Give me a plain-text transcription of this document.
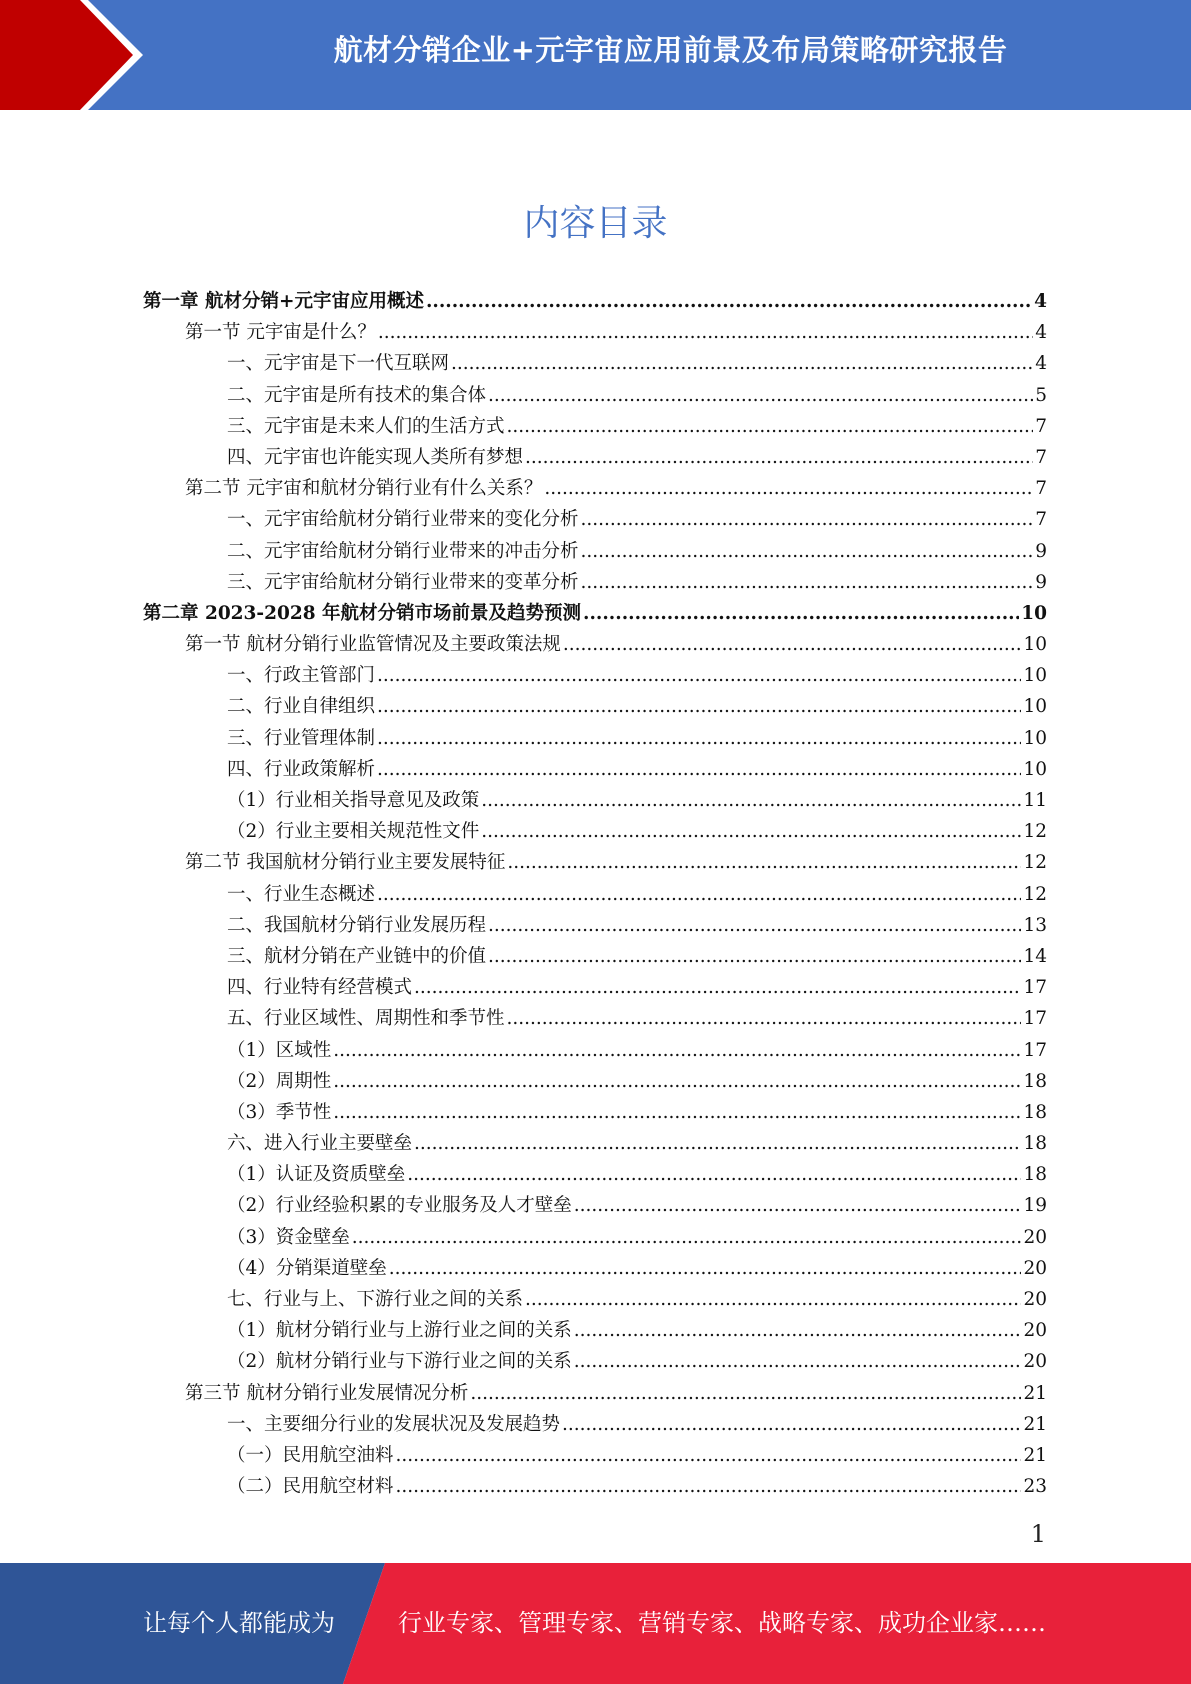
航材分销企业+元宇宙应用前景及布局策略研究报告
内容目录
第一章 航材分销+元宇宙应用概述 .....	4
第一节 元宇宙是什么？ .....	4
一、元宇宙是下一代互联网 .....	4
二、元宇宙是所有技术的集合体 .....	5
三、元宇宙是未来人们的生活方式 .....	7
四、元宇宙也许能实现人类所有梦想 .....	7
第二节 元宇宙和航材分销行业有什么关系？ .....	7
一、元宇宙给航材分销行业带来的变化分析 .....	7
二、元宇宙给航材分销行业带来的冲击分析 .....	9
三、元宇宙给航材分销行业带来的变革分析 .....	9
第二章 2023-2028 年航材分销市场前景及趋势预测 .....	10
第一节 航材分销行业监管情况及主要政策法规 .....	10
一、行政主管部门 .....	10
二、行业自律组织 .....	10
三、行业管理体制 .....	10
四、行业政策解析 .....	10
（1）行业相关指导意见及政策 .....	11
（2）行业主要相关规范性文件 .....	12
第二节 我国航材分销行业主要发展特征 .....	12
一、行业生态概述 .....	12
二、我国航材分销行业发展历程 .....	13
三、航材分销在产业链中的价值 .....	14
四、行业特有经营模式 .....	17
五、行业区域性、周期性和季节性 .....	17
（1）区域性 .....	17
（2）周期性 .....	18
（3）季节性 .....	18
六、进入行业主要壁垒 .....	18
（1）认证及资质壁垒 .....	18
（2）行业经验积累的专业服务及人才壁垒 .....	19
（3）资金壁垒 .....	20
（4）分销渠道壁垒 .....	20
七、行业与上、下游行业之间的关系 .....	20
（1）航材分销行业与上游行业之间的关系 .....	20
（2）航材分销行业与下游行业之间的关系 .....	20
第三节 航材分销行业发展情况分析 .....	21
一、主要细分行业的发展状况及发展趋势 .....	21
（一）民用航空油料 .....	21
（二）民用航空材料 .....	23
1
让每个人都能成为	行业专家、管理专家、营销专家、战略专家、成功企业家……
